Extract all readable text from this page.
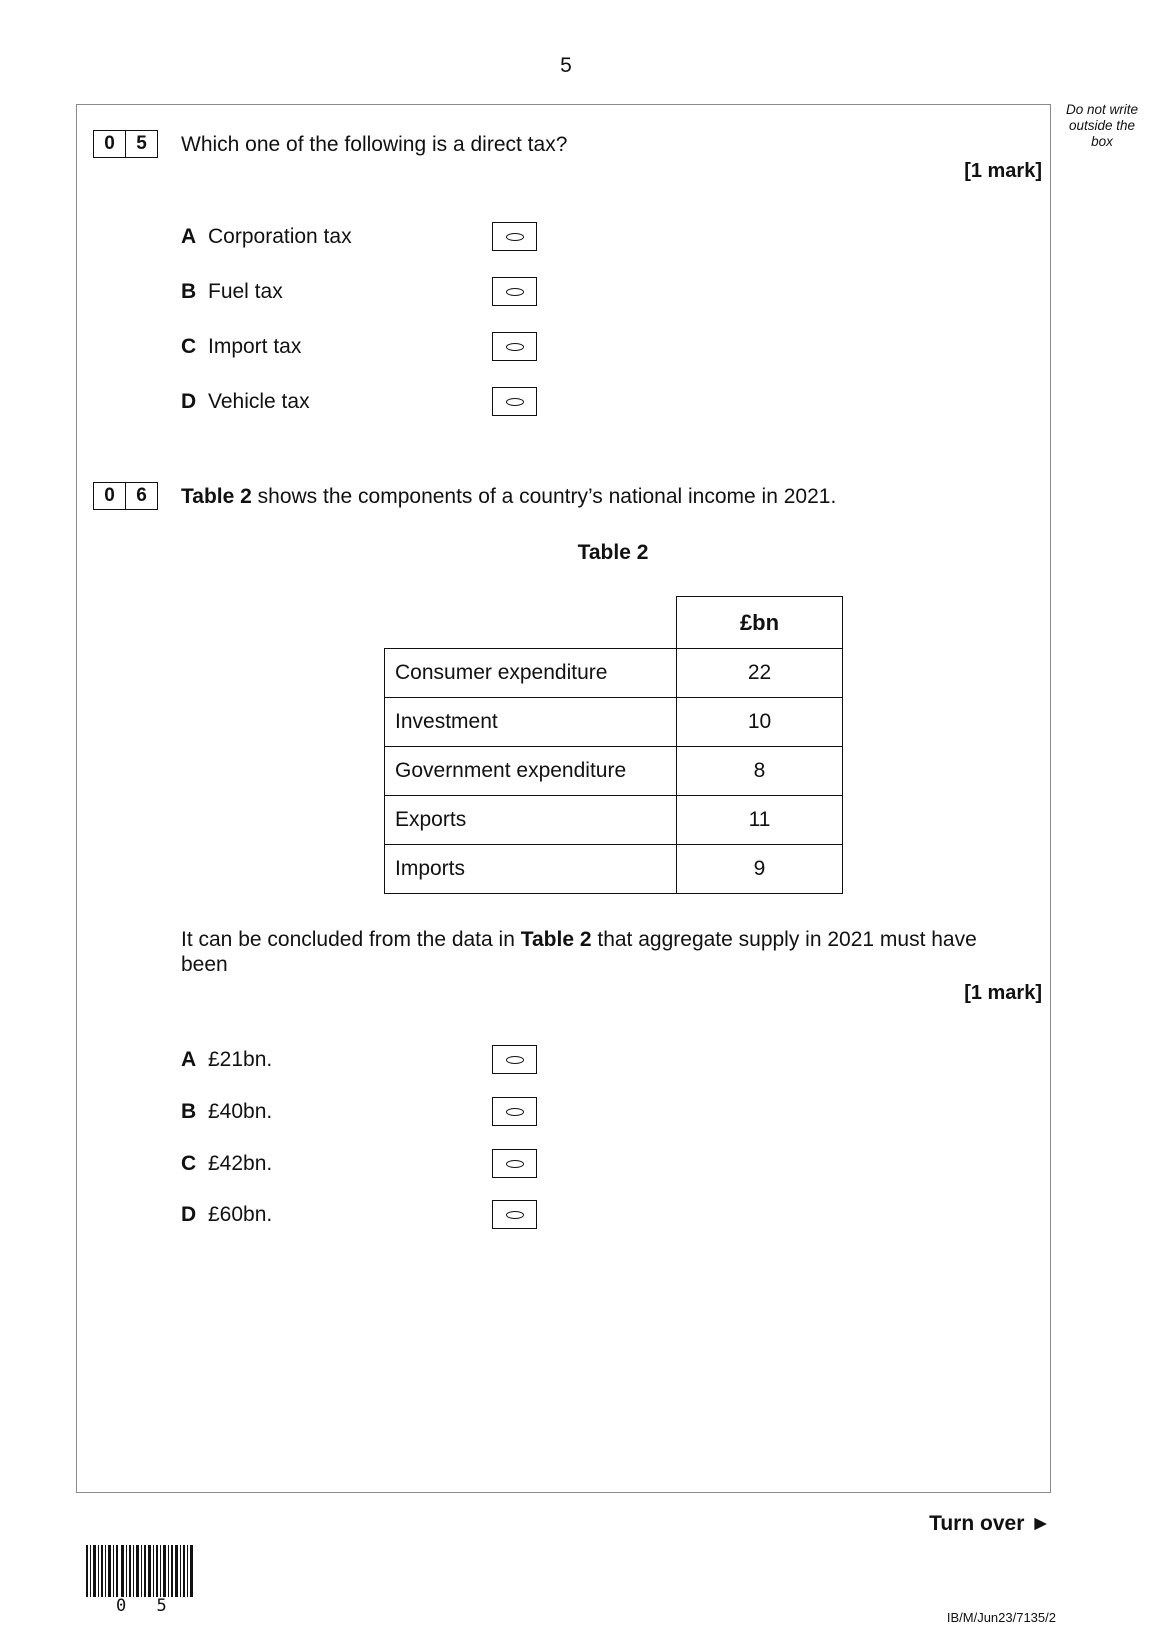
5
Do not write outside the box
0	5	Which one of the following is a direct tax?
[1 mark]
A Corporation tax
B Fuel tax
C Import tax
D Vehicle tax
0	6	Table 2 shows the components of a country’s national income in 2021.
Table 2
	£bn
Consumer expenditure	22
Investment	10
Government expenditure	8
Exports	11
Imports	9
It can be concluded from the data in Table 2 that aggregate supply in 2021 must have been
[1 mark]
A £21bn.
B £40bn.
C £42bn.
D £60bn.
Turn over ►
0 5
IB/M/Jun23/7135/2
